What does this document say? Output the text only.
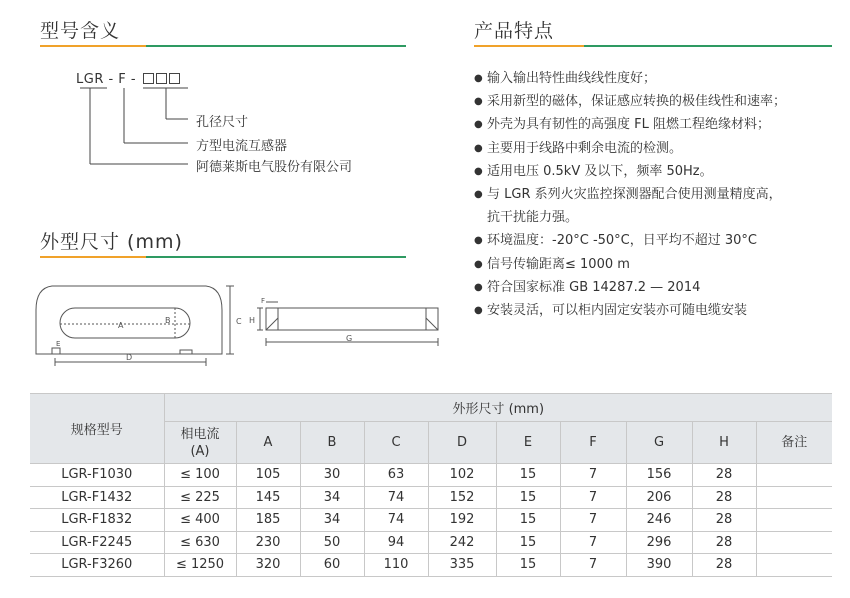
型号含义
LGR - F -
孔径尺寸
方型电流互感器
阿德莱斯电气股份有限公司
外型尺寸 (mm)
A
B	C
D
E
F
H
G
产品特点
● 输入输出特性曲线线性度好；
● 采用新型的磁体，保证感应转换的极佳线性和速率；
● 外壳为具有韧性的高强度 FL 阻燃工程绝缘材料；
● 主要用于线路中剩余电流的检测。
● 适用电压 0.5kV 及以下，频率 50Hz。
● 与 LGR 系列火灾监控探测器配合使用测量精度高，
抗干扰能力强。
● 环境温度：-20°C -50°C，日平均不超过 30°C
● 信号传输距离≤ 1000 m
● 符合国家标准 GB 14287.2 — 2014
● 安装灵活，可以柜内固定安装亦可随电缆安装
规格型号	外形尺寸 (mm)									
	相电流
(A)	A	B	C	D	E	F	G	H	备注
LGR-F1030	≤ 100	105	30	63	102	15	7	156	28	
LGR-F1432	≤ 225	145	34	74	152	15	7	206	28	
LGR-F1832	≤ 400	185	34	74	192	15	7	246	28	
LGR-F2245	≤ 630	230	50	94	242	15	7	296	28	
LGR-F3260	≤ 1250	320	60	110	335	15	7	390	28	
